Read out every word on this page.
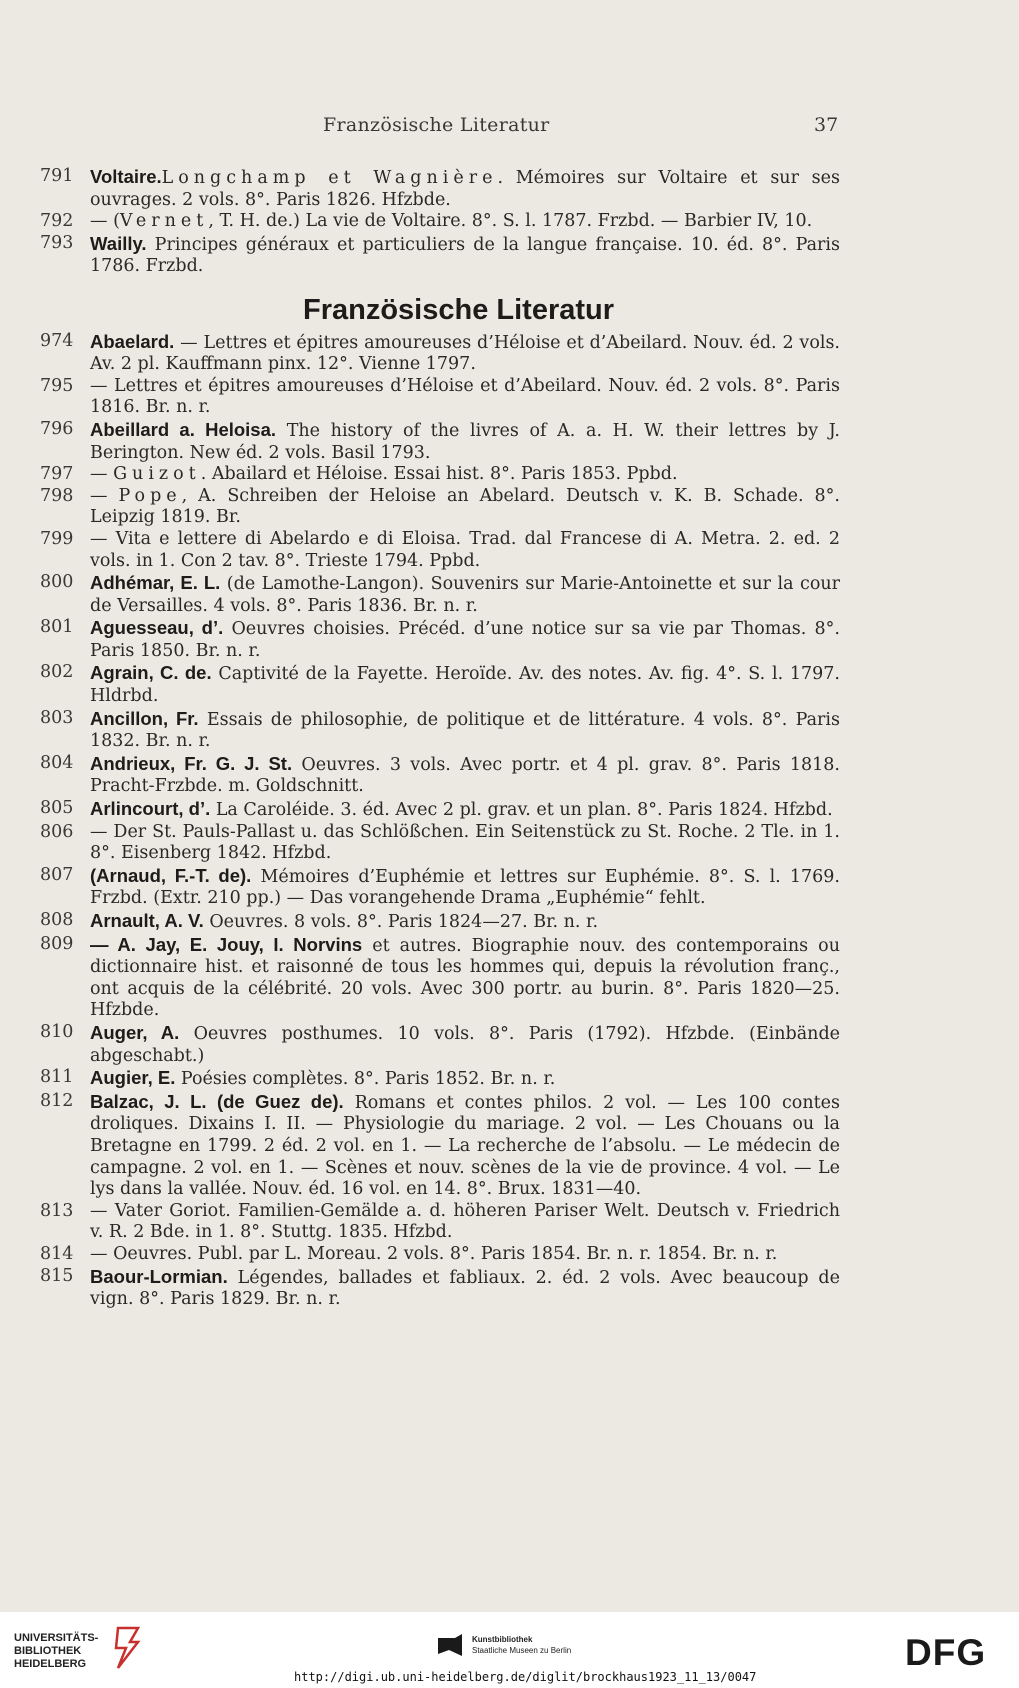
Französische Literatur	37
791 Voltaire.Longchamp et Wagnière. Mémoires sur Voltaire et sur ses ouvrages. 2 vols. 8°. Paris 1826. Hfzbde.
792 — (Vernet, T. H. de.) La vie de Voltaire. 8°. S. l. 1787. Frzbd. — Barbier IV, 10.
793 Wailly. Principes généraux et particuliers de la langue française. 10. éd. 8°. Paris 1786. Frzbd.
Französische Literatur
974 Abaelard. — Lettres et épitres amoureuses d’Héloise et d’Abeilard. Nouv. éd. 2 vols. Av. 2 pl. Kauffmann pinx. 12°. Vienne 1797.
795 — Lettres et épitres amoureuses d’Héloise et d’Abeilard. Nouv. éd. 2 vols. 8°. Paris 1816. Br. n. r.
796 Abeillard a. Heloisa. The history of the livres of A. a. H. W. their lettres by J. Berington. New éd. 2 vols. Basil 1793.
797 — Guizot. Abailard et Héloise. Essai hist. 8°. Paris 1853. Ppbd.
798 — Pope, A. Schreiben der Heloise an Abelard. Deutsch v. K. B. Schade. 8°. Leipzig 1819. Br.
799 — Vita e lettere di Abelardo e di Eloisa. Trad. dal Francese di A. Metra. 2. ed. 2 vols. in 1. Con 2 tav. 8°. Trieste 1794. Ppbd.
800 Adhémar, E. L. (de Lamothe-Langon). Souvenirs sur Marie-Antoinette et sur la cour de Versailles. 4 vols. 8°. Paris 1836. Br. n. r.
801 Aguesseau, d’. Oeuvres choisies. Précéd. d’une notice sur sa vie par Thomas. 8°. Paris 1850. Br. n. r.
802 Agrain, C. de. Captivité de la Fayette. Heroïde. Av. des notes. Av. fig. 4°. S. l. 1797. Hldrbd.
803 Ancillon, Fr. Essais de philosophie, de politique et de littérature. 4 vols. 8°. Paris 1832. Br. n. r.
804 Andrieux, Fr. G. J. St. Oeuvres. 3 vols. Avec portr. et 4 pl. grav. 8°. Paris 1818. Pracht-Frzbde. m. Goldschnitt.
805 Arlincourt, d’. La Caroléide. 3. éd. Avec 2 pl. grav. et un plan. 8°. Paris 1824. Hfzbd.
806 — Der St. Pauls-Pallast u. das Schlößchen. Ein Seitenstück zu St. Roche. 2 Tle. in 1. 8°. Eisenberg 1842. Hfzbd.
807 (Arnaud, F.-T. de). Mémoires d’Euphémie et lettres sur Euphémie. 8°. S. l. 1769. Frzbd. (Extr. 210 pp.) — Das vorangehende Drama „Euphémie“ fehlt.
808 Arnault, A. V. Oeuvres. 8 vols. 8°. Paris 1824—27. Br. n. r.
809 — A. Jay, E. Jouy, I. Norvins et autres. Biographie nouv. des contemporains ou dictionnaire hist. et raisonné de tous les hommes qui, depuis la révolution franç., ont acquis de la célébrité. 20 vols. Avec 300 portr. au burin. 8°. Paris 1820—25. Hfzbde.
810 Auger, A. Oeuvres posthumes. 10 vols. 8°. Paris (1792). Hfzbde. (Einbände abgeschabt.)
811 Augier, E. Poésies complètes. 8°. Paris 1852. Br. n. r.
812 Balzac, J. L. (de Guez de). Romans et contes philos. 2 vol. — Les 100 contes droliques. Dixains I. II. — Physiologie du mariage. 2 vol. — Les Chouans ou la Bretagne en 1799. 2 éd. 2 vol. en 1. — La recherche de l’absolu. — Le médecin de campagne. 2 vol. en 1. — Scènes et nouv. scènes de la vie de province. 4 vol. — Le lys dans la vallée. Nouv. éd. 16 vol. en 14. 8°. Brux. 1831—40.
813 — Vater Goriot. Familien-Gemälde a. d. höheren Pariser Welt. Deutsch v. Friedrich v. R. 2 Bde. in 1. 8°. Stuttg. 1835. Hfzbd.
814 — Oeuvres. Publ. par L. Moreau. 2 vols. 8°. Paris 1854. Br. n. r. 1854. Br. n. r.
815 Baour-Lormian. Légendes, ballades et fabliaux. 2. éd. 2 vols. Avec beaucoup de vign. 8°. Paris 1829. Br. n. r.
UNIVERSITÄTS-
BIBLIOTHEK
HEIDELBERG
Kunstbibliothek
Staatliche Museen zu Berlin	DFG
http://digi.ub.uni-heidelberg.de/diglit/brockhaus1923_11_13/0047
